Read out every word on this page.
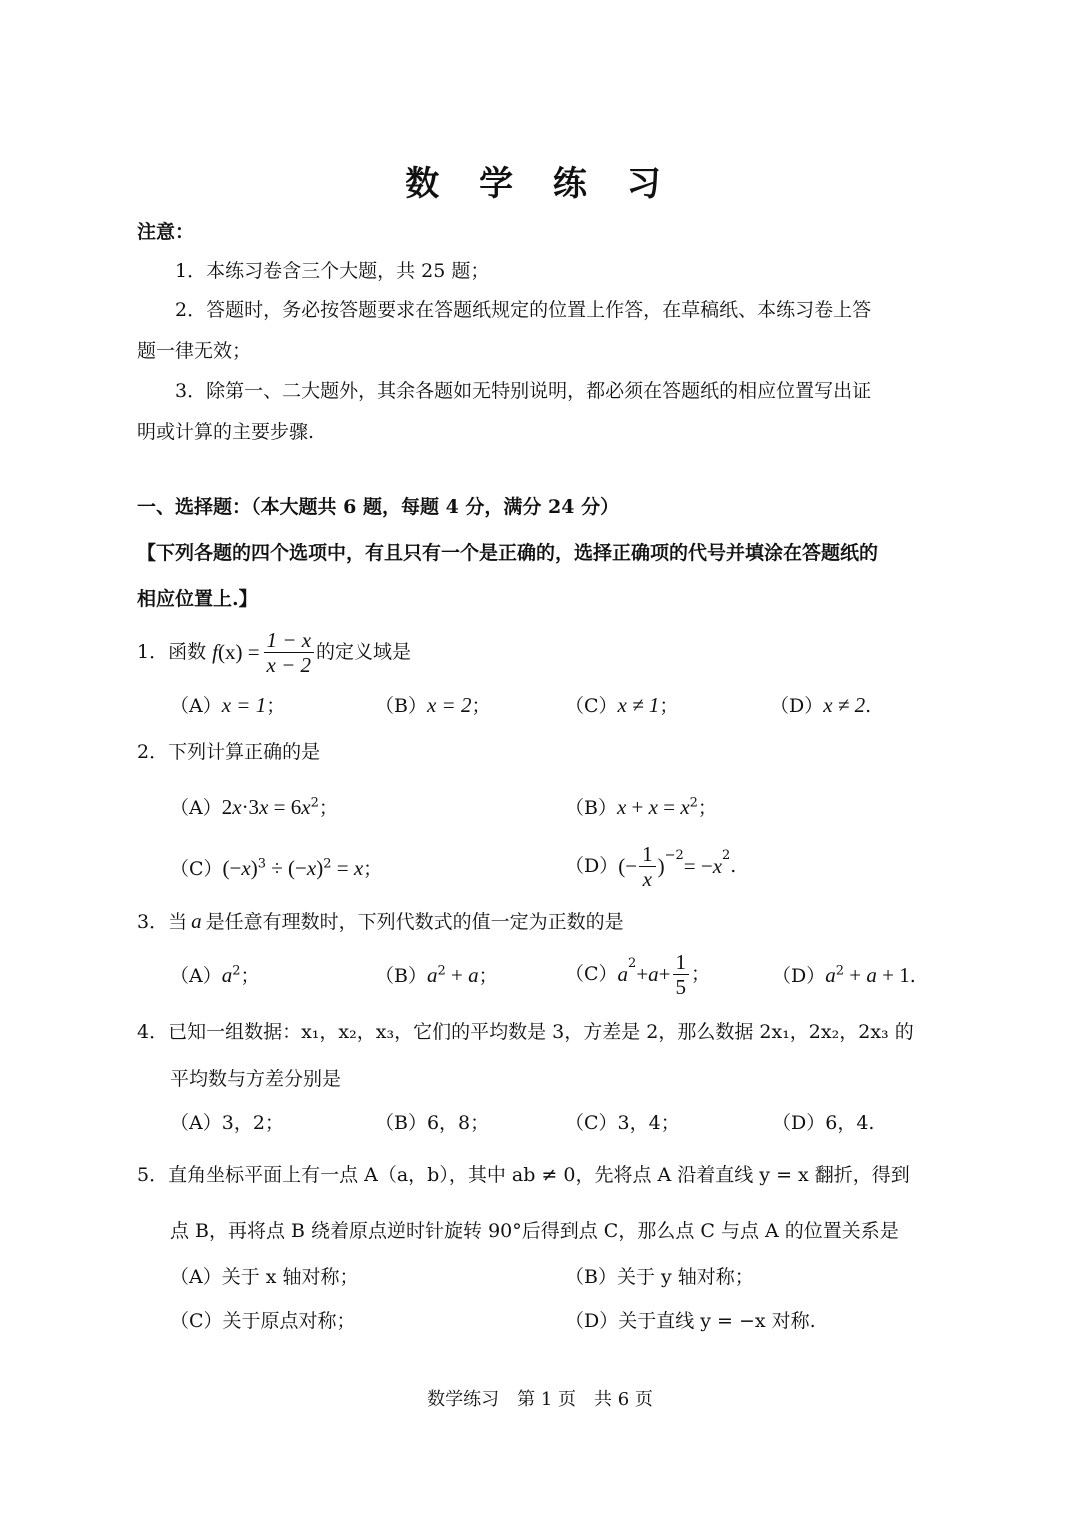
数 学 练 习
注意：
1．本练习卷含三个大题，共 25 题；
2．答题时，务必按答题要求在答题纸规定的位置上作答，在草稿纸、本练习卷上答
题一律无效；
3．除第一、二大题外，其余各题如无特别说明，都必须在答题纸的相应位置写出证
明或计算的主要步骤.
一、选择题：（本大题共 6 题，每题 4 分，满分 24 分）
【下列各题的四个选项中，有且只有一个是正确的，选择正确项的代号并填涂在答题纸的
相应位置上.】
1． 函数 f $(x) = \frac{1 - x}{x - 2}$ 的定义域是
（A）x = 1；	（B）x = 2；	（C）x ≠ 1；	（D）x ≠ 2.
2．下列计算正确的是
$(A)2x\cdot 3x = 6x^2$；	$(B)x + x = x^2$；
$(C)(-x)^3 \div (-x)^2 = x$；	（D） (− $\frac{1}{x} )^{-2}$ = − $x^2$ .
3．当 a 是任意有理数时，下列代数式的值一定为正数的是
$(A)a^2$；	$(B)a^2 + a$；	（C） $a^2 + a + \frac{1}{5}$ ；	$(D)a^2 + a + 1$.
4．已知一组数据：x₁，x₂，x₃，它们的平均数是 3，方差是 2，那么数据 2x₁，2x₂，2x₃ 的
平均数与方差分别是
（A）3，2；	（B）6，8；	（C）3，4；	（D）6，4.
5．直角坐标平面上有一点 A（a，b），其中 ab ≠ 0，先将点 A 沿着直线 y = x 翻折，得到
点 B，再将点 B 绕着原点逆时针旋转 90°后得到点 C，那么点 C 与点 A 的位置关系是
（A）关于 x 轴对称；	（B）关于 y 轴对称；
（C）关于原点对称；	（D）关于直线 y = −x 对称.
数学练习　第 1 页　共 6 页
